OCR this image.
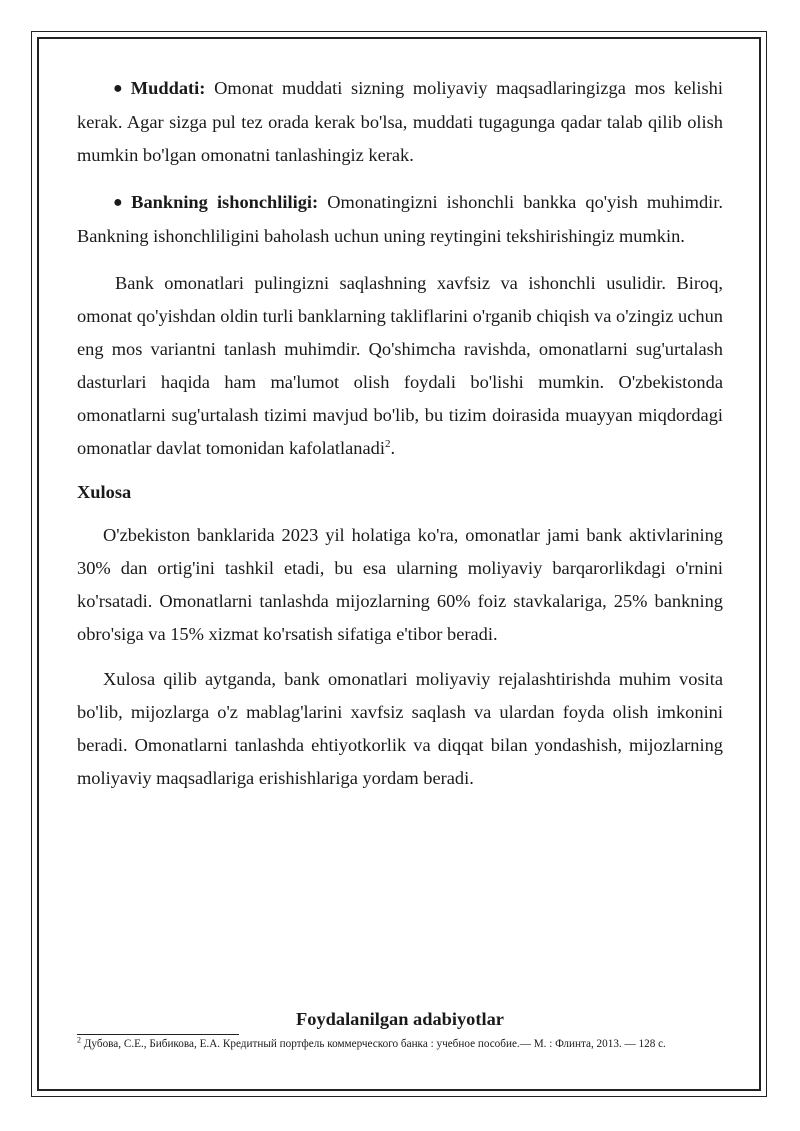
● Muddati: Omonat muddati sizning moliyaviy maqsadlaringizga mos kelishi kerak. Agar sizga pul tez orada kerak bo'lsa, muddati tugagunga qadar talab qilib olish mumkin bo'lgan omonatni tanlashingiz kerak.

● Bankning ishonchliligi: Omonatingizni ishonchli bankka qo'yish muhimdir. Bankning ishonchliligini baholash uchun uning reytingini tekshirishingiz mumkin.

Bank omonatlari pulingizni saqlashning xavfsiz va ishonchli usulidir. Biroq, omonat qo'yishdan oldin turli banklarning takliflarini o'rganib chiqish va o'zingiz uchun eng mos variantni tanlash muhimdir. Qo'shimcha ravishda, omonatlarni sug'urtalash dasturlari haqida ham ma'lumot olish foydali bo'lishi mumkin. O'zbekistonda omonatlarni sug'urtalash tizimi mavjud bo'lib, bu tizim doirasida muayyan miqdordagi omonatlar davlat tomonidan kafolatlanadi$^2$.

Xulosa

O'zbekiston banklarida 2023 yil holatiga ko'ra, omonatlar jami bank aktivlarining 30% dan ortig'ini tashkil etadi, bu esa ularning moliyaviy barqarorlikdagi o'rnini ko'rsatadi. Omonatlarni tanlashda mijozlarning 60% foiz stavkalariga, 25% bankning obro'siga va 15% xizmat ko'rsatish sifatiga e'tibor beradi.

Xulosa qilib aytganda, bank omonatlari moliyaviy rejalashtirishda muhim vosita bo'lib, mijozlarga o'z mablag'larini xavfsiz saqlash va ulardan foyda olish imkonini beradi. Omonatlarni tanlashda ehtiyotkorlik va diqqat bilan yondashish, mijozlarning moliyaviy maqsadlariga erishishlariga yordam beradi.

Foydalanilgan adabiyotlar
$^2$ Дубова, С.Е., Бибикова, Е.А. Кредитный портфель коммерческого банка : учебное пособие.— М. : Флинта, 2013. — 128 с.
